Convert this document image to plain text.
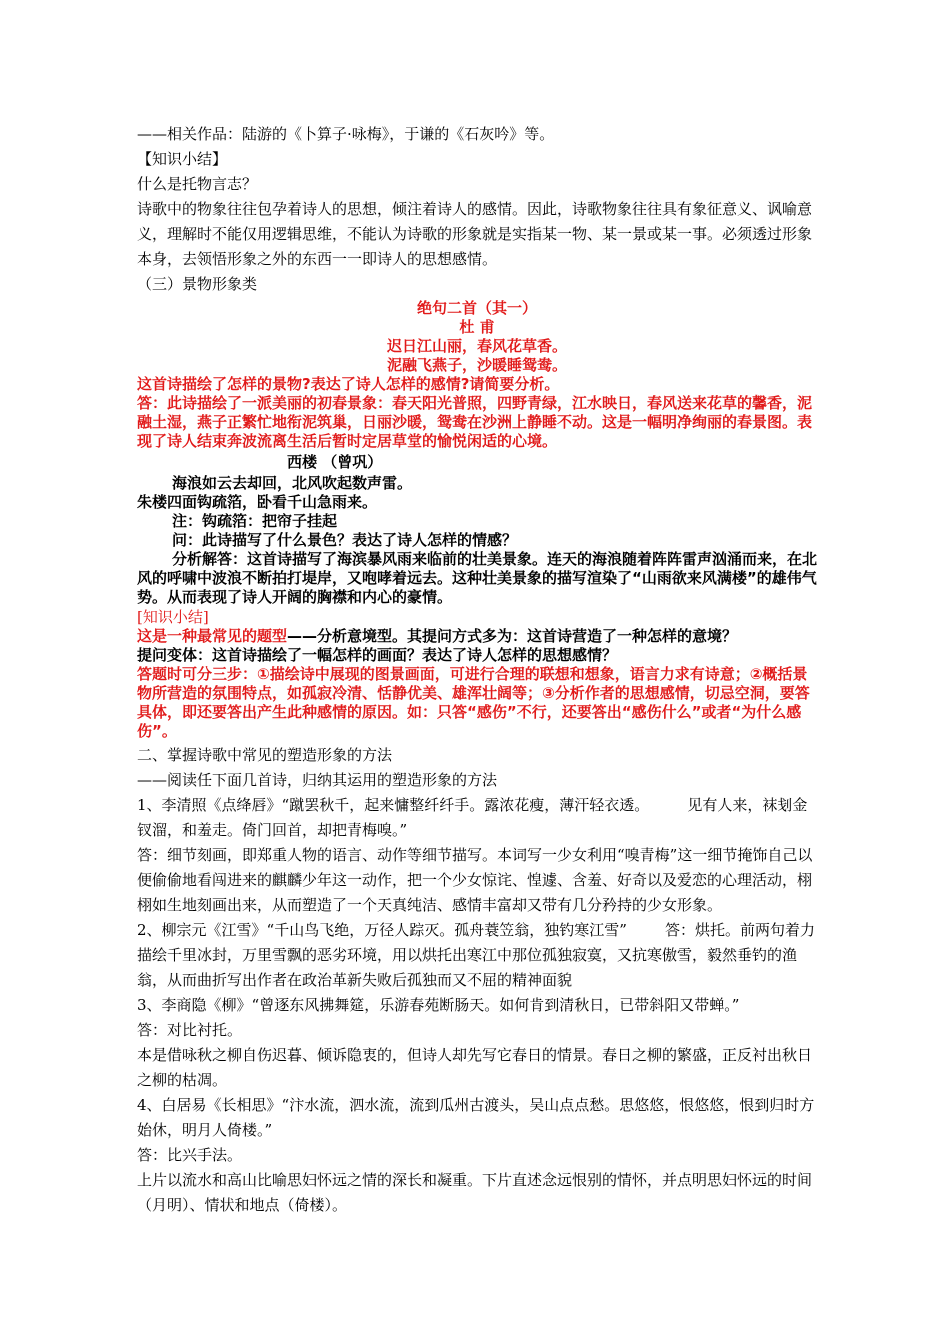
——相关作品：陆游的《卜算子·咏梅》，于谦的《石灰吟》等。

【知识小结】

什么是托物言志？

诗歌中的物象往往包孕着诗人的思想，倾注着诗人的感情。因此，诗歌物象往往具有象征意义、讽喻意义，理解时不能仅用逻辑思维，不能认为诗歌的形象就是实指某一物、某一景或某一事。必须透过形象本身，去领悟形象之外的东西一一即诗人的思想感情。

（三）景物形象类

绝句二首（其一）

杜 甫

迟日江山丽，春风花草香。

泥融飞燕子，沙暖睡鸳鸯。

这首诗描绘了怎样的景物?表达了诗人怎样的感情?请简要分析。

答：此诗描绘了一派美丽的初春景象：春天阳光普照，四野青绿，江水映日，春风送来花草的馨香，泥融土湿，燕子正繁忙地衔泥筑巢，日丽沙暖，鸳鸯在沙洲上静睡不动。这是一幅明净绚丽的春景图。表现了诗人结束奔波流离生活后暂时定居草堂的愉悦闲适的心境。

西楼 （曾巩）

海浪如云去却回，北风吹起数声雷。

朱楼四面钩疏箔，卧看千山急雨来。

注：钩疏箔：把帘子挂起

问：此诗描写了什么景色？表达了诗人怎样的情感？

分析解答：这首诗描写了海滨暴风雨来临前的壮美景象。连天的海浪随着阵阵雷声汹涌而来，在北风的呼啸中波浪不断拍打堤岸，又咆哮着远去。这种壮美景象的描写渲染了“山雨欲来风满楼”的雄伟气势。从而表现了诗人开阔的胸襟和内心的豪情。

[知识小结]

这是一种最常见的题型——分析意境型。其提问方式多为：这首诗营造了一种怎样的意境？

提问变体：这首诗描绘了一幅怎样的画面？表达了诗人怎样的思想感情？

答题时可分三步：①描绘诗中展现的图景画面，可进行合理的联想和想象，语言力求有诗意；②概括景物所营造的氛围特点，如孤寂冷清、恬静优美、雄浑壮阔等；③分析作者的思想感情，切忌空洞，要答具体，即还要答出产生此种感情的原因。如：只答“感伤”不行，还要答出“感伤什么”或者“为什么感伤”。

二、掌握诗歌中常见的塑造形象的方法

——阅读任下面几首诗，归纳其运用的塑造形象的方法

1、李清照《点绛唇》“蹴罢秋千，起来慵整纤纤手。露浓花瘦，薄汗轻衣透。        见有人来，袜刬金钗溜，和羞走。倚门回首，却把青梅嗅。”

答：细节刻画，即郑重人物的语言、动作等细节描写。本词写一少女利用“嗅青梅”这一细节掩饰自己以便偷偷地看闯进来的麒麟少年这一动作，把一个少女惊诧、惶遽、含羞、好奇以及爱恋的心理活动，栩栩如生地刻画出来，从而塑造了一个天真纯洁、感情丰富却又带有几分矜持的少女形象。

2、柳宗元《江雪》“千山鸟飞绝，万径人踪灭。孤舟蓑笠翁，独钓寒江雪”        答：烘托。前两句着力描绘千里冰封，万里雪飘的恶劣环境，用以烘托出寒江中那位孤独寂寞，又抗寒傲雪，毅然垂钓的渔翁，从而曲折写出作者在政治革新失败后孤独而又不屈的精神面貌

3、李商隐《柳》“曾逐东风拂舞筵，乐游春苑断肠天。如何肯到清秋日，已带斜阳又带蝉。”

答：对比衬托。

本是借咏秋之柳自伤迟暮、倾诉隐衷的，但诗人却先写它春日的情景。春日之柳的繁盛，正反衬出秋日之柳的枯凋。

4、白居易《长相思》“汴水流，泗水流，流到瓜州古渡头，吴山点点愁。思悠悠，恨悠悠，恨到归时方始休，明月人倚楼。”

答：比兴手法。

上片以流水和高山比喻思妇怀远之情的深长和凝重。下片直述念远恨别的情怀，并点明思妇怀远的时间（月明）、情状和地点（倚楼）。
